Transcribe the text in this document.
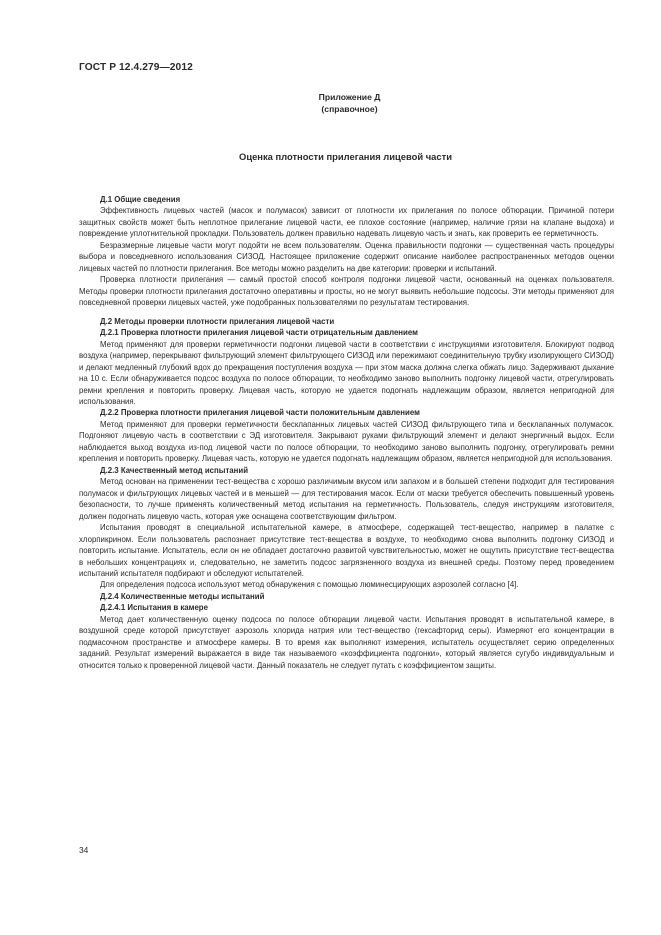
ГОСТ Р 12.4.279—2012
Приложение Д
(справочное)
Оценка плотности прилегания лицевой части
Д.1 Общие сведения
Эффективность лицевых частей (масок и полумасок) зависит от плотности их прилегания по полосе обтюрации. Причиной потери защитных свойств может быть неплотное прилегание лицевой части, ее плохое состояние (например, наличие грязи на клапане выдоха) и повреждение уплотнительной прокладки. Пользователь должен правильно надевать лицевую часть и знать, как проверить ее герметичность.
Безразмерные лицевые части могут подойти не всем пользователям. Оценка правильности подгонки — существенная часть процедуры выбора и повседневного использования СИЗОД. Настоящее приложение содержит описание наиболее распространенных методов оценки лицевых частей по плотности прилегания. Все методы можно разделить на две категории: проверки и испытаний.
Проверка плотности прилегания — самый простой способ контроля подгонки лицевой части, основанный на оценках пользователя. Методы проверки плотности прилегания достаточно оперативны и просты, но не могут выявить небольшие подсосы. Эти методы применяют для повседневной проверки лицевых частей, уже подобранных пользователями по результатам тестирования.
Д.2 Методы проверки плотности прилегания лицевой части
Д.2.1 Проверка плотности прилегания лицевой части отрицательным давлением
Метод применяют для проверки герметичности подгонки лицевой части в соответствии с инструкциями изготовителя. Блокируют подвод воздуха (например, перекрывают фильтрующий элемент фильтрующего СИЗОД или пережимают соединительную трубку изолирующего СИЗОД) и делают медленный глубокий вдох до прекращения поступления воздуха — при этом маска должна слегка обжать лицо. Задерживают дыхание на 10 с. Если обнаруживается подсос воздуха по полосе обтюрации, то необходимо заново выполнить подгонку лицевой части, отрегулировать ремни крепления и повторить проверку. Лицевая часть, которую не удается подогнать надлежащим образом, является непригодной для использования.
Д.2.2 Проверка плотности прилегания лицевой части положительным давлением
Метод применяют для проверки герметичности бесклапанных лицевых частей СИЗОД фильтрующего типа и бесклапанных полумасок. Подгоняют лицевую часть в соответствии с ЭД изготовителя. Закрывают руками фильтрующий элемент и делают энергичный выдох. Если наблюдается выход воздуха из-под лицевой части по полосе обтюрации, то необходимо заново выполнить подгонку, отрегулировать ремни крепления и повторить проверку. Лицевая часть, которую не удается подогнать надлежащим образом, является непригодной для использования.
Д.2.3 Качественный метод испытаний
Метод основан на применении тест-вещества с хорошо различимым вкусом или запахом и в большей степени подходит для тестирования полумасок и фильтрующих лицевых частей и в меньшей — для тестирования масок. Если от маски требуется обеспечить повышенный уровень безопасности, то лучше применять количественный метод испытания на герметичность. Пользователь, следуя инструкциям изготовителя, должен подогнать лицевую часть, которая уже оснащена соответствующим фильтром.
Испытания проводят в специальной испытательной камере, в атмосфере, содержащей тест-вещество, например в палатке с хлорпикрином. Если пользователь распознает присутствие тест-вещества в воздухе, то необходимо снова выполнить подгонку СИЗОД и повторить испытание. Испытатель, если он не обладает достаточно развитой чувствительностью, может не ощутить присутствие тест-вещества в небольших концентрациях и, следовательно, не заметить подсос загрязненного воздуха из внешней среды. Поэтому перед проведением испытаний испытателя подбирают и обследуют испытателей.
Для определения подсоса используют метод обнаружения с помощью люминесцирующих аэрозолей согласно [4].
Д.2.4 Количественные методы испытаний
Д.2.4.1 Испытания в камере
Метод дает количественную оценку подсоса по полосе обтюрации лицевой части. Испытания проводят в испытательной камере, в воздушной среде которой присутствует аэрозоль хлорида натрия или тест-вещество (гексафторид серы). Измеряют его концентрации в подмасочном пространстве и атмосфере камеры. В то время как выполняют измерения, испытатель осуществляет серию определенных заданий. Результат измерений выражается в виде так называемого «коэффициента подгонки», который является сугубо индивидуальным и относится только к проверенной лицевой части. Данный показатель не следует путать с коэффициентом защиты.
34
